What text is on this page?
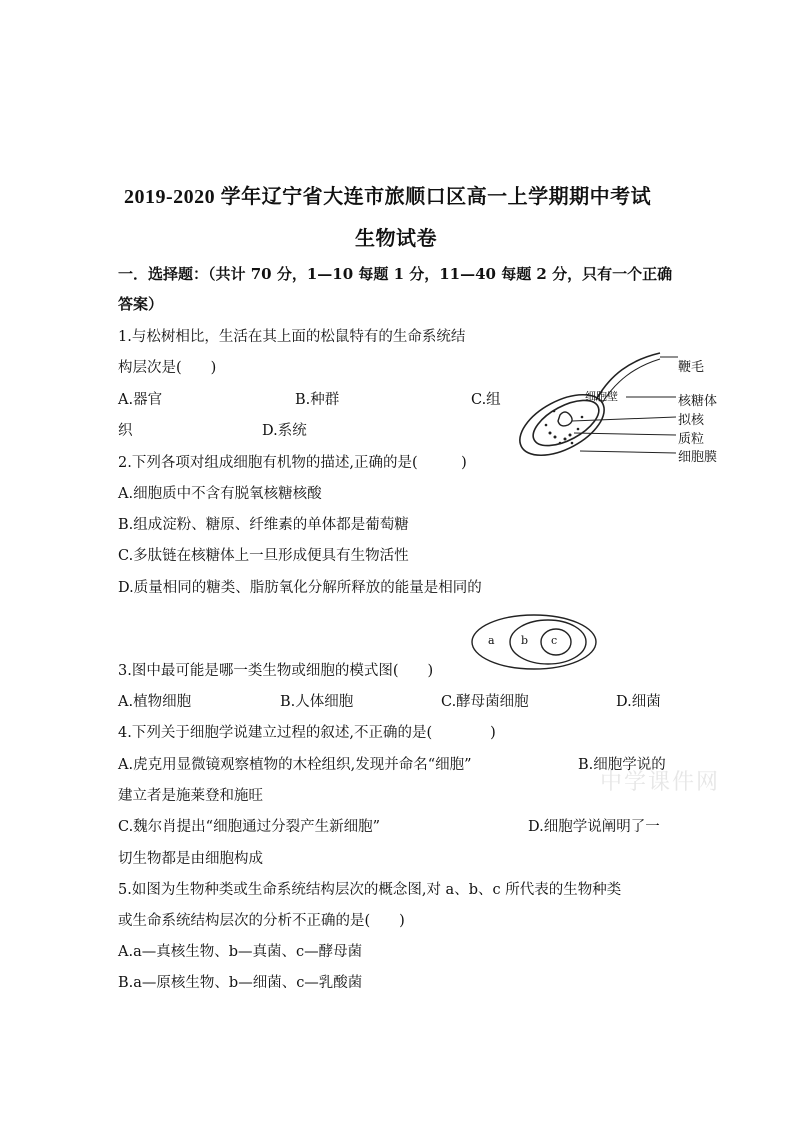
2019-2020 学年辽宁省大连市旅顺口区高一上学期期中考试
生物试卷
一．选择题：（共计 70 分，1—10 每题 1 分，11—40 每题 2 分，只有一个正确
答案）
1.与松树相比，生活在其上面的松鼠特有的生命系统结
构层次是(　　)
A.器官	B.种群	C.组
织	D.系统
细胞壁
鞭毛
核糖体
拟核
质粒
细胞膜
2.下列各项对组成细胞有机物的描述,正确的是(　　　)
A.细胞质中不含有脱氧核糖核酸
B.组成淀粉、糖原、纤维素的单体都是葡萄糖
C.多肽链在核糖体上一旦形成便具有生物活性
D.质量相同的糖类、脂肪氧化分解所释放的能量是相同的
a b c
3.图中最可能是哪一类生物或细胞的模式图(　　)
A.植物细胞	B.人体细胞	C.酵母菌细胞	D.细菌
4.下列关于细胞学说建立过程的叙述,不正确的是(　　　　)
A.虎克用显微镜观察植物的木栓组织,发现并命名“细胞”	B.细胞学说的
中学课件网
建立者是施莱登和施旺
C.魏尔肖提出“细胞通过分裂产生新细胞”	D.细胞学说阐明了一
切生物都是由细胞构成
5.如图为生物种类或生命系统结构层次的概念图,对 a、b、c 所代表的生物种类
或生命系统结构层次的分析不正确的是(　　)
A.a—真核生物、b—真菌、c—酵母菌
B.a—原核生物、b—细菌、c—乳酸菌
